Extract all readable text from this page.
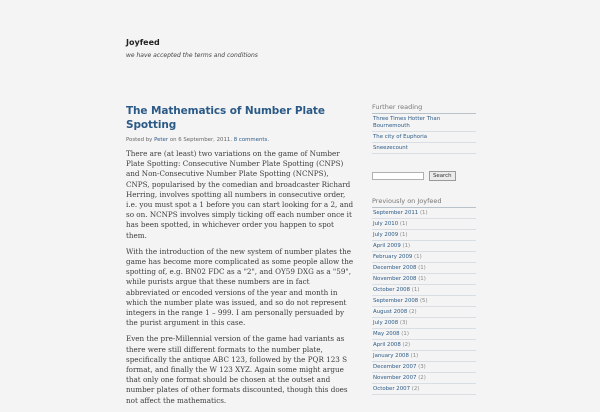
Joyfeed
we have accepted the terms and conditions
The Mathematics of Number Plate Spotting
Posted by Peter on 6 September, 2011. 8 comments.

There are (at least) two variations on the game of Number Plate Spotting: Consecutive Number Plate Spotting (CNPS) and Non-Consecutive Number Plate Spotting (NCNPS), CNPS, popularised by the comedian and broadcaster Richard Herring, involves spotting all numbers in consecutive order, i.e. you must spot a 1 before you can start looking for a 2, and so on. NCNPS involves simply ticking off each number once it has been spotted, in whichever order you happen to spot them.

With the introduction of the new system of number plates the game has become more complicated as some people allow the spotting of, e.g. BN02 FDC as a "2", and OY59 DXG as a "59", while purists argue that these numbers are in fact abbreviated or encoded versions of the year and month in which the number plate was issued, and so do not represent integers in the range 1 – 999. I am personally persuaded by the purist argument in this case.

Even the pre-Millennial version of the game had variants as there were still different formats to the number plate, specifically the antique ABC 123, followed by the PQR 123 S format, and finally the W 123 XYZ. Again some might argue that only one format should be chosen at the outset and number plates of other formats discounted, though this does not affect the mathematics.

Further reading
Three Times Hotter Than Bournemouth
The city of Euphoria
Sneezecount
Search
Previously on Joyfeed
September 2011 (1)
July 2010 (1)
July 2009 (1)
April 2009 (1)
February 2009 (1)
December 2008 (1)
November 2008 (1)
October 2008 (1)
September 2008 (5)
August 2008 (2)
July 2008 (3)
May 2008 (1)
April 2008 (2)
January 2008 (1)
December 2007 (3)
November 2007 (2)
October 2007 (2)
